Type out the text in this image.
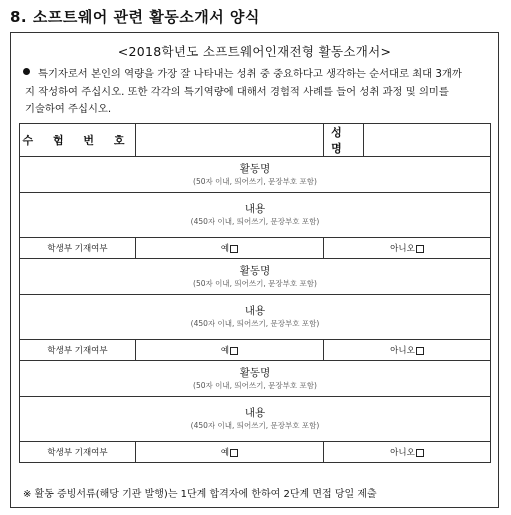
8. 소프트웨어 관련 활동소개서 양식
<2018학년도 소프트웨어인재전형 활동소개서>
특기자로서 본인의 역량을 가장 잘 나타내는 성취 중 중요하다고 생각하는 순서대로 최대 3개까
지 작성하여 주십시오. 또한 각각의 특기역량에 대해서 경험적 사례를 들어 성취 과정 및 의미를
기술하여 주십시오.
수 험 번 호		성 명	

활동명
(50자 이내, 띄어쓰기, 문장부호 포함)			

내용
(450자 이내, 띄어쓰기, 문장부호 포함)			

학생부 기재여부	예	아니오	

활동명
(50자 이내, 띄어쓰기, 문장부호 포함)			

내용
(450자 이내, 띄어쓰기, 문장부호 포함)			

학생부 기재여부	예	아니오	

활동명
(50자 이내, 띄어쓰기, 문장부호 포함)			

내용
(450자 이내, 띄어쓰기, 문장부호 포함)			

학생부 기재여부	예	아니오	
※ 활동 증빙서류(해당 기관 발행)는 1단계 합격자에 한하여 2단계 면접 당일 제출
